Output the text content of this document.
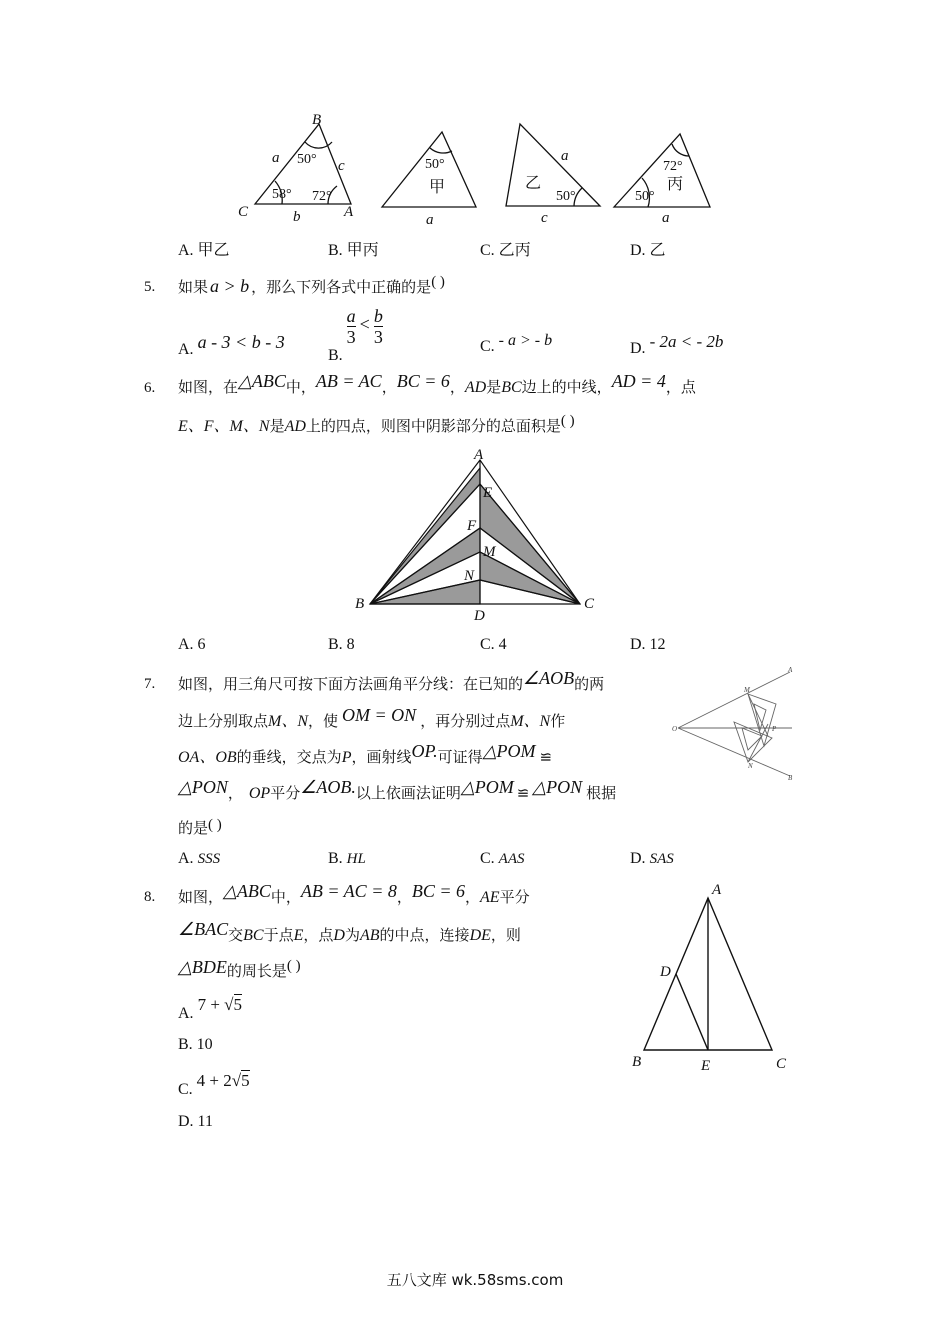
B
C	A
a	c
b	a
a
c	a
50°
58° 72°
50°
50°
72°
50°
甲	乙	丙
A. 甲乙	B. 甲丙	C. 乙丙	D. 乙
5. 如果 a > b ，那么下列各式中正确的是( )
A. a - 3 < b - 3
B.
$\frac{a}{3} < \frac{b}{3}$	C. - a > - b	D. - 2a < - 2b
6. 如图，在△ABC中，AB = AC，BC = 6，AD是BC边上的中线，AD = 4，点
E、F、M、N是AD上的四点，则图中阴影部分的总面积是( )
A
E
F
M
N
B
D
C
A. 6	B. 8	C. 4	D. 12
7. 如图，用三角尺可按下面方法画角平分线：在已知的∠AOB的两
边上分别取点M、N，使 OM = ON ，再分别过点M、N作
OA、OB的垂线，交点为P，画射线OP.可证得△POM ≌
△PON， OP平分∠AOB.以上依画法证明△POM ≌ △PON 根据
的是( )
O
M
N
P
A
B
A. SSS	B. HL	C. AAS	D. SAS
8. 如图，△ABC中，AB = AC = 8，BC = 6，AE平分
∠BAC交BC于点E，点D为AB的中点，连接DE，则
△BDE的周长是( )
A. 7 + √5
B. 10
C. 4 + 2√5
D. 11
A
D
B	E	C
五八文库 wk.58sms.com
